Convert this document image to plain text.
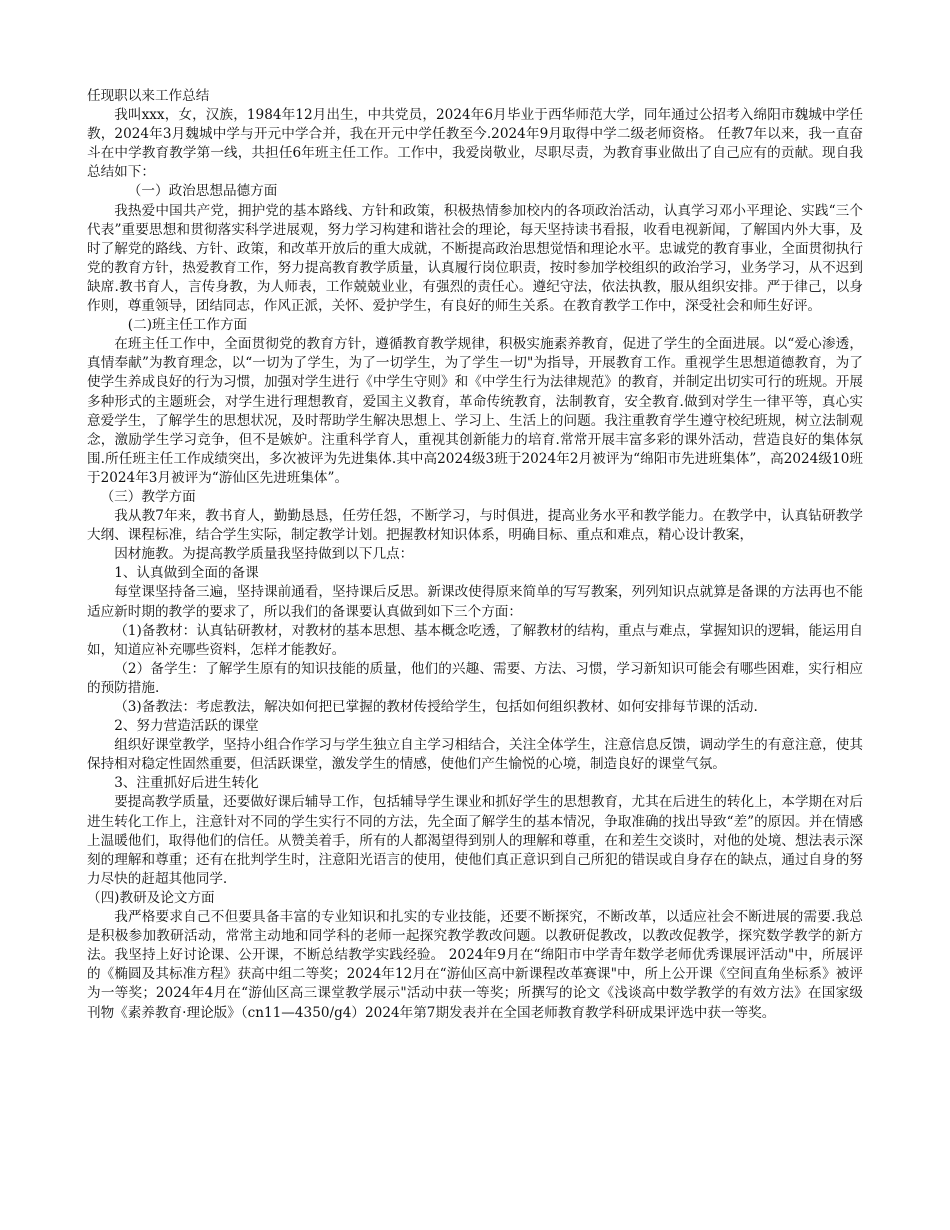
任现职以来工作总结

我叫xxx，女，汉族，1984年12月出生，中共党员，2024年6月毕业于西华师范大学，同年通过公招考入绵阳市魏城中学任教，2024年3月魏城中学与开元中学合并，我在开元中学任教至今.2024年9月取得中学二级老师资格。 任教7年以来，我一直奋斗在中学教育教学第一线，共担任6年班主任工作。工作中，我爱岗敬业，尽职尽责，为教育事业做出了自己应有的贡献。现自我总结如下：

（一）政治思想品德方面

我热爱中国共产党，拥护党的基本路线、方针和政策，积极热情参加校内的各项政治活动，认真学习邓小平理论、实践“三个代表”重要思想和贯彻落实科学进展观，努力学习构建和谐社会的理论，每天坚持读书看报，收看电视新闻，了解国内外大事，及时了解党的路线、方针、政策，和改革开放后的重大成就，不断提高政治思想觉悟和理论水平。忠诚党的教育事业，全面贯彻执行党的教育方针，热爱教育工作，努力提高教育教学质量，认真履行岗位职责，按时参加学校组织的政治学习，业务学习，从不迟到缺席.教书育人，言传身教，为人师表，工作兢兢业业，有强烈的责任心。遵纪守法，依法执教，服从组织安排。严于律己，以身作则，尊重领导，团结同志，作风正派，关怀、爱护学生，有良好的师生关系。在教育教学工作中，深受社会和师生好评。

(二)班主任工作方面

在班主任工作中，全面贯彻党的教育方针，遵循教育教学规律，积极实施素养教育，促进了学生的全面进展。以“爱心渗透，真情奉献”为教育理念，以“一切为了学生，为了一切学生，为了学生一切"为指导，开展教育工作。重视学生思想道德教育，为了使学生养成良好的行为习惯，加强对学生进行《中学生守则》和《中学生行为法律规范》的教育，并制定出切实可行的班规。开展多种形式的主题班会，对学生进行理想教育，爱国主义教育，革命传统教育，法制教育，安全教育.做到对学生一律平等，真心实意爱学生，了解学生的思想状况，及时帮助学生解决思想上、学习上、生活上的问题。我注重教育学生遵守校纪班规，树立法制观念，激励学生学习竞争，但不是嫉妒。注重科学育人，重视其创新能力的培育.常常开展丰富多彩的课外活动，营造良好的集体氛围.所任班主任工作成绩突出，多次被评为先进集体.其中高2024级3班于2024年2月被评为“绵阳市先进班集体”，高2024级10班于2024年3月被评为“游仙区先进班集体”。

（三）教学方面

我从教7年来，教书育人，勤勤恳恳，任劳任怨，不断学习，与时俱进，提高业务水平和教学能力。在教学中，认真钻研教学大纲、课程标准，结合学生实际，制定教学计划。把握教材知识体系，明确目标、重点和难点，精心设计教案，

因材施教。为提高教学质量我坚持做到以下几点：

1、认真做到全面的备课

每堂课坚持备三遍，坚持课前通看，坚持课后反思。新课改使得原来简单的写写教案，列列知识点就算是备课的方法再也不能适应新时期的教学的要求了，所以我们的备课要认真做到如下三个方面：

（1)备教材：认真钻研教材，对教材的基本思想、基本概念吃透，了解教材的结构，重点与难点，掌握知识的逻辑，能运用自如，知道应补充哪些资料，怎样才能教好。

（2）备学生：了解学生原有的知识技能的质量，他们的兴趣、需要、方法、习惯，学习新知识可能会有哪些困难，实行相应的预防措施.

（3)备教法：考虑教法，解决如何把已掌握的教材传授给学生，包括如何组织教材、如何安排每节课的活动.

2、努力营造活跃的课堂

组织好课堂教学，坚持小组合作学习与学生独立自主学习相结合，关注全体学生，注意信息反馈，调动学生的有意注意，使其保持相对稳定性固然重要，但活跃课堂，激发学生的情感，使他们产生愉悦的心境，制造良好的课堂气氛。

3、注重抓好后进生转化

要提高教学质量，还要做好课后辅导工作，包括辅导学生课业和抓好学生的思想教育，尤其在后进生的转化上，本学期在对后进生转化工作上，注意针对不同的学生实行不同的方法，先全面了解学生的基本情况，争取准确的找出导致“差”的原因。并在情感上温暖他们，取得他们的信任。从赞美着手，所有的人都渴望得到别人的理解和尊重，在和差生交谈时，对他的处境、想法表示深刻的理解和尊重；还有在批判学生时，注意阳光语言的使用，使他们真正意识到自己所犯的错误或自身存在的缺点，通过自身的努力尽快的赶超其他同学.

（四)教研及论文方面

我严格要求自己不但要具备丰富的专业知识和扎实的专业技能，还要不断探究，不断改革，以适应社会不断进展的需要.我总是积极参加教研活动，常常主动地和同学科的老师一起探究教学教改问题。以教研促教改，以教改促教学，探究数学教学的新方法。我坚持上好讨论课、公开课，不断总结教学实践经验。 2024年9月在“绵阳市中学青年数学老师优秀课展评活动"中，所展评的《椭圆及其标准方程》获高中组二等奖；2024年12月在“游仙区高中新课程改革赛课"中，所上公开课《空间直角坐标系》被评为一等奖；2024年4月在“游仙区高三课堂教学展示"活动中获一等奖；所撰写的论文《浅谈高中数学教学的有效方法》在国家级刊物《素养教育·理论版》（cn11—4350/g4）2024年第7期发表并在全国老师教育教学科研成果评选中获一等奖。
